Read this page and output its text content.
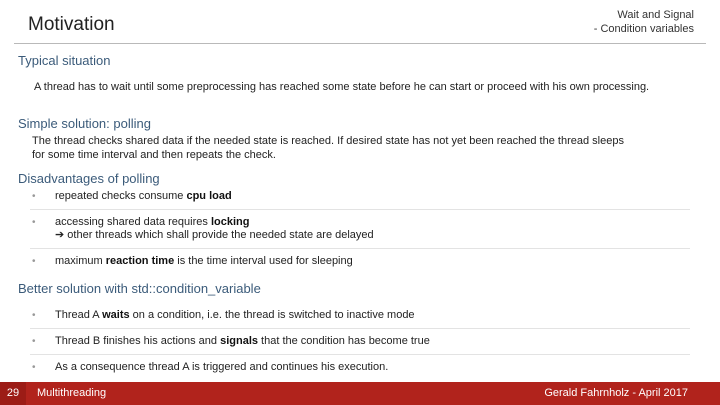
Motivation	Wait and Signal
- Condition variables
Typical situation
A thread has to wait until some preprocessing has reached some state before he can start or proceed with his own processing.
Simple solution: polling
The thread checks shared data if the needed state is reached. If desired state has not yet been reached the thread sleeps for some time interval and then repeats the check.
Disadvantages of polling
• repeated checks consume cpu load
• accessing shared data requires locking
➔ other threads which shall provide the needed state are delayed
• maximum reaction time is the time interval used for sleeping
Better solution with std::condition_variable
• Thread A waits on a condition, i.e. the thread is switched to inactive mode
• Thread B finishes his actions and signals that the condition has become true
• As a consequence thread A is triggered and continues his execution.
29	Multithreading	Gerald Fahrnholz - April 2017
